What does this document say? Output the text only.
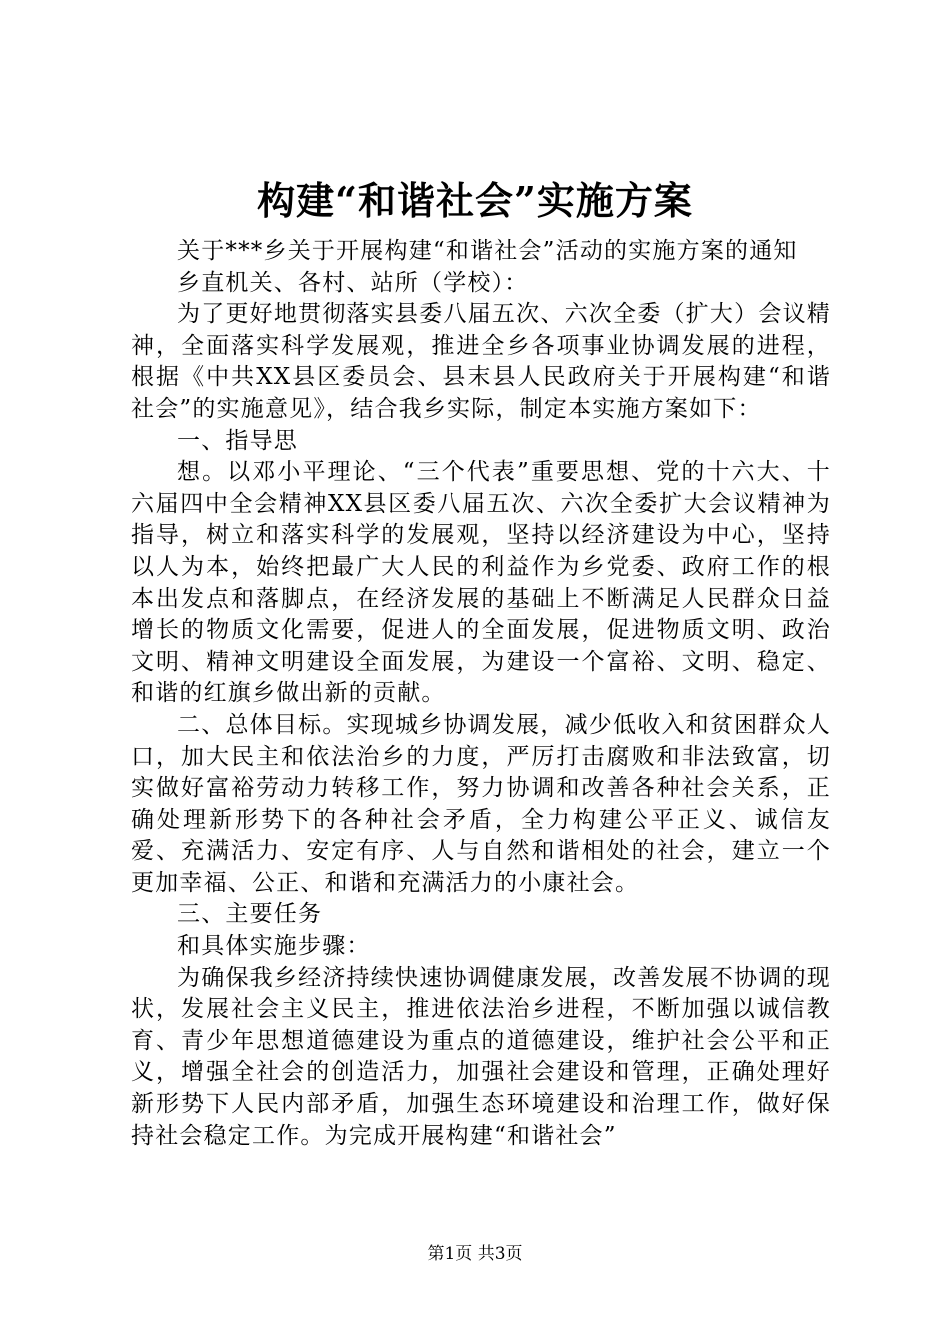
构建“和谐社会”实施方案

关于***乡关于开展构建“和谐社会”活动的实施方案的通知

乡直机关、各村、站所（学校）：

为了更好地贯彻落实县委八届五次、六次全委（扩大）会议精神，全面落实科学发展观，推进全乡各项事业协调发展的进程，根据《中共XX县区委员会、县末县人民政府关于开展构建“和谐社会”的实施意见》，结合我乡实际，制定本实施方案如下：

一、指导思

想。以邓小平理论、“三个代表”重要思想、党的十六大、十六届四中全会精神XX县区委八届五次、六次全委扩大会议精神为指导，树立和落实科学的发展观，坚持以经济建设为中心，坚持以人为本，始终把最广大人民的利益作为乡党委、政府工作的根本出发点和落脚点，在经济发展的基础上不断满足人民群众日益增长的物质文化需要，促进人的全面发展，促进物质文明、政治文明、精神文明建设全面发展，为建设一个富裕、文明、稳定、和谐的红旗乡做出新的贡献。

二、总体目标。实现城乡协调发展，减少低收入和贫困群众人口，加大民主和依法治乡的力度，严厉打击腐败和非法致富，切实做好富裕劳动力转移工作，努力协调和改善各种社会关系，正确处理新形势下的各种社会矛盾，全力构建公平正义、诚信友爱、充满活力、安定有序、人与自然和谐相处的社会，建立一个更加幸福、公正、和谐和充满活力的小康社会。

三、主要任务

和具体实施步骤：

为确保我乡经济持续快速协调健康发展，改善发展不协调的现状，发展社会主义民主，推进依法治乡进程，不断加强以诚信教育、青少年思想道德建设为重点的道德建设，维护社会公平和正义，增强全社会的创造活力，加强社会建设和管理，正确处理好新形势下人民内部矛盾，加强生态环境建设和治理工作，做好保持社会稳定工作。为完成开展构建“和谐社会”

第1页 共3页
